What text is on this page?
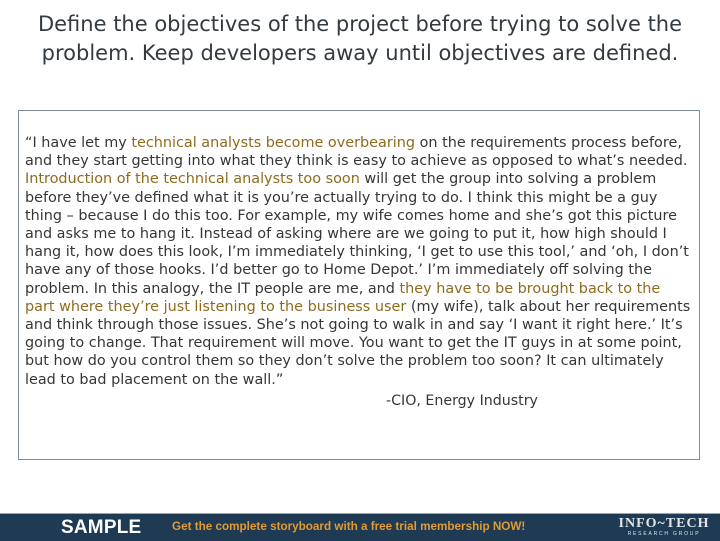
Define the objectives of the project before trying to solve the problem. Keep developers away until objectives are defined.

“I have let my technical analysts become overbearing on the requirements process before, and they start getting into what they think is easy to achieve as opposed to what’s needed. Introduction of the technical analysts too soon will get the group into solving a problem before they’ve defined what it is you’re actually trying to do. I think this might be a guy thing – because I do this too. For example, my wife comes home and she’s got this picture and asks me to hang it. Instead of asking where are we going to put it, how high should I hang it, how does this look, I’m immediately thinking, ‘I get to use this tool,’ and ‘oh, I don’t have any of those hooks. I’d better go to Home Depot.’ I’m immediately off solving the problem. In this analogy, the IT people are me, and they have to be brought back to the part where they’re just listening to the business user (my wife), talk about her requirements and think through those issues. She’s not going to walk in and say ‘I want it right here.’ It’s going to change. That requirement will move. You want to get the IT guys in at some point, but how do you control them so they don’t solve the problem too soon? It can ultimately lead to bad placement on the wall.”

-CIO, Energy Industry
SAMPLE	Get the complete storyboard with a free trial membership NOW!	INFO~TECH
RESEARCH GROUP
